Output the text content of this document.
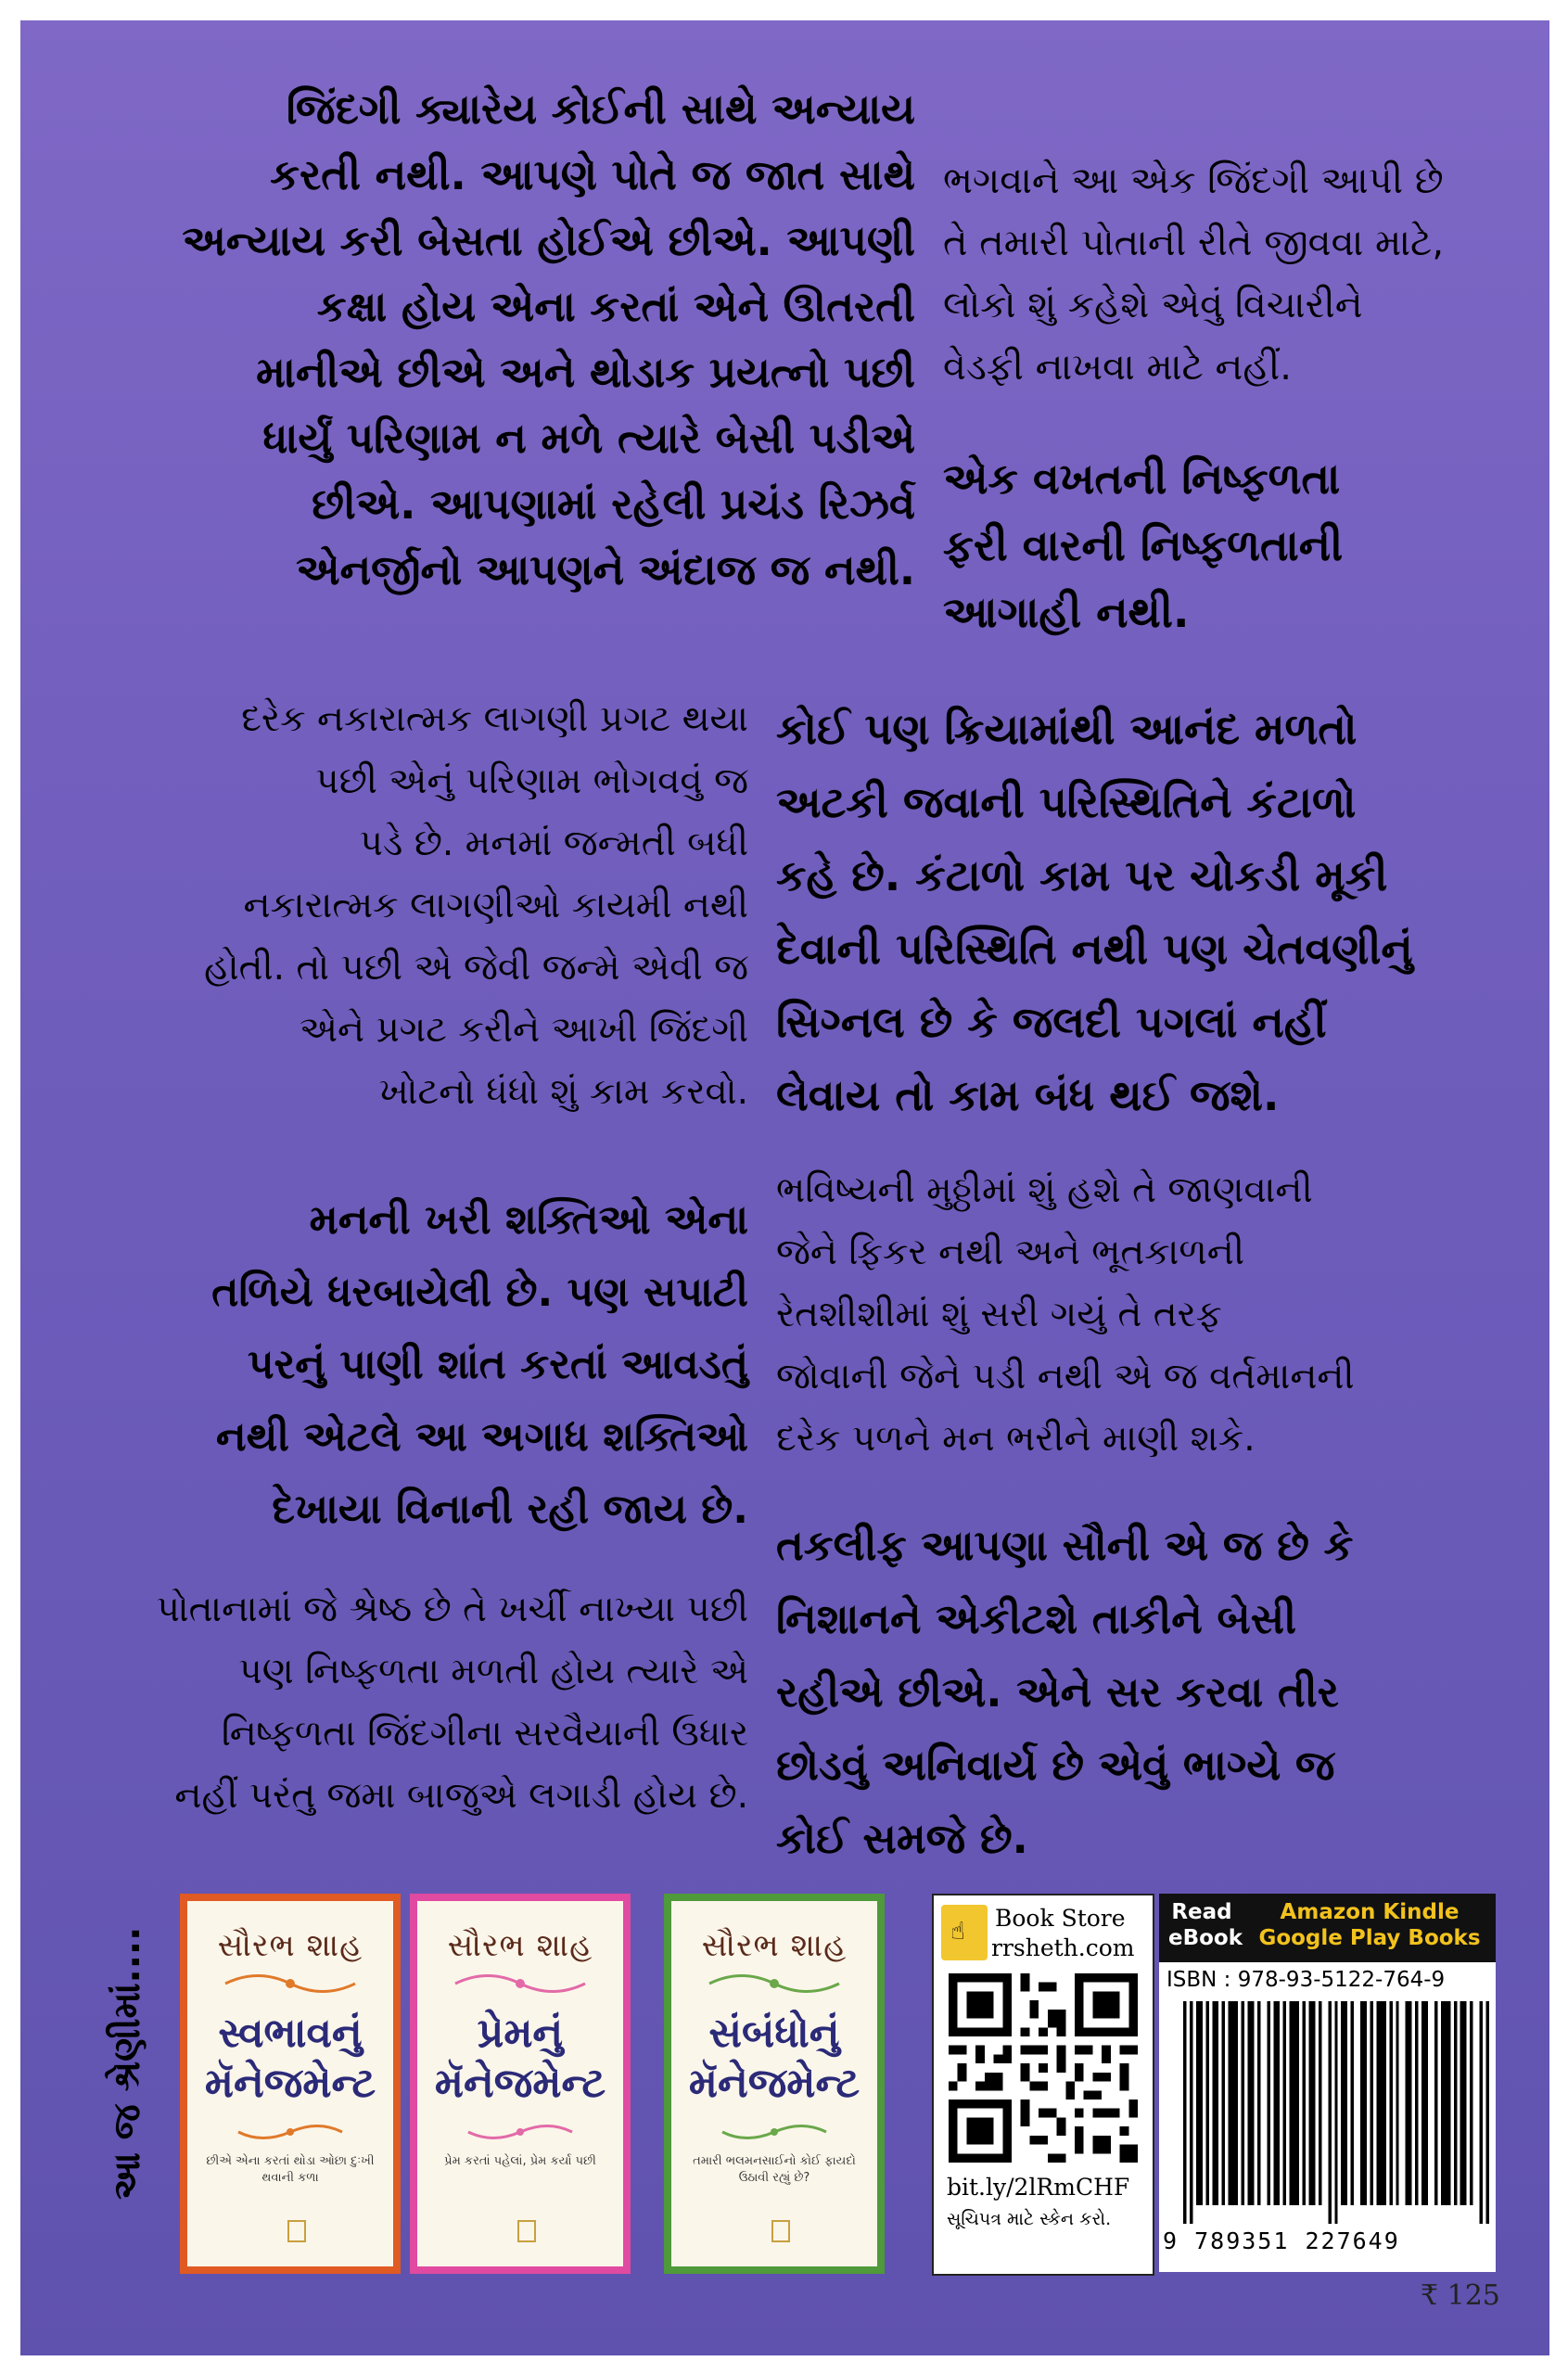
જિંદગી ક્યારેય કોઈની સાથે અન્યાય
કરતી નથી. આપણે પોતે જ જાત સાથે
અન્યાય કરી બેસતા હોઈએ છીએ. આપણી
કક્ષા હોય એના કરતાં એને ઊતરતી
માનીએ છીએ અને થોડાક પ્રયત્નો પછી
ધાર્યું પરિણામ ન મળે ત્યારે બેસી પડીએ
છીએ. આપણામાં રહેલી પ્રચંડ રિઝર્વ
એનર્જીનો આપણને અંદાજ જ નથી.
ભગવાને આ એક જિંદગી આપી છે
તે તમારી પોતાની રીતે જીવવા માટે,
લોકો શું કહેશે એવું વિચારીને
વેડફી નાખવા માટે નહીં.
એક વખતની નિષ્ફળતા
ફરી વારની નિષ્ફળતાની
આગાહી નથી.
દરેક નકારાત્મક લાગણી પ્રગટ થયા
પછી એનું પરિણામ ભોગવવું જ
પડે છે. મનમાં જન્મતી બધી
નકારાત્મક લાગણીઓ કાયમી નથી
હોતી. તો પછી એ જેવી જન્મે એવી જ
એને પ્રગટ કરીને આખી જિંદગી
ખોટનો ધંધો શું કામ કરવો.
કોઈ પણ ક્રિયામાંથી આનંદ મળતો
અટકી જવાની પરિસ્થિતિને કંટાળો
કહે છે. કંટાળો કામ પર ચોકડી મૂકી
દેવાની પરિસ્થિતિ નથી પણ ચેતવણીનું
સિગ્નલ છે કે જલદી પગલાં નહીં
લેવાય તો કામ બંધ થઈ જશે.
મનની ખરી શક્તિઓ એના
તળિયે ધરબાયેલી છે. પણ સપાટી
પરનું પાણી શાંત કરતાં આવડતું
નથી એટલે આ અગાધ શક્તિઓ
દેખાયા વિનાની રહી જાય છે.
ભવિષ્યની મુઠ્ઠીમાં શું હશે તે જાણવાની
જેને ફિકર નથી અને ભૂતકાળની
રેતશીશીમાં શું સરી ગયું તે તરફ
જોવાની જેને પડી નથી એ જ વર્તમાનની
દરેક પળને મન ભરીને માણી શકે.
પોતાનામાં જે શ્રેષ્ઠ છે તે ખર્ચી નાખ્યા પછી
પણ નિષ્ફળતા મળતી હોય ત્યારે એ
નિષ્ફળતા જિંદગીના સરવૈયાની ઉધાર
નહીં પરંતુ જમા બાજુએ લગાડી હોય છે.
તકલીફ આપણા સૌની એ જ છે કે
નિશાનને એકીટશે તાકીને બેસી
રહીએ છીએ. એને સર કરવા તીર
છોડવું અનિવાર્ય છે એવું ભાગ્યે જ
કોઈ સમજે છે.
આ જ શ્રેણીમાં....	સૌરભ શાહ
સ્વભાવનું
મૅનેજમેન્ટ
છીએ એના કરતાં થોડા ઓછા દુઃખી થવાની કળા
સૌરભ શાહ
પ્રેમનું
મૅનેજમેન્ટ
પ્રેમ કરતાં પહેલાં, પ્રેમ કર્યા પછી
સૌરભ શાહ
સંબંધોનું
મૅનેજમેન્ટ
તમારી ભલમનસાઈનો કોઈ ફાયદો ઉઠાવી રહ્યું છે?
☝ Book Store
rrsheth.com
bit.ly/2lRmCHF
સૂચિપત્ર માટે સ્કેન કરો.
Read
eBook
Amazon Kindle
Google Play Books
ISBN : 978-93-5122-764-9
9 789351 227649
₹ 125
